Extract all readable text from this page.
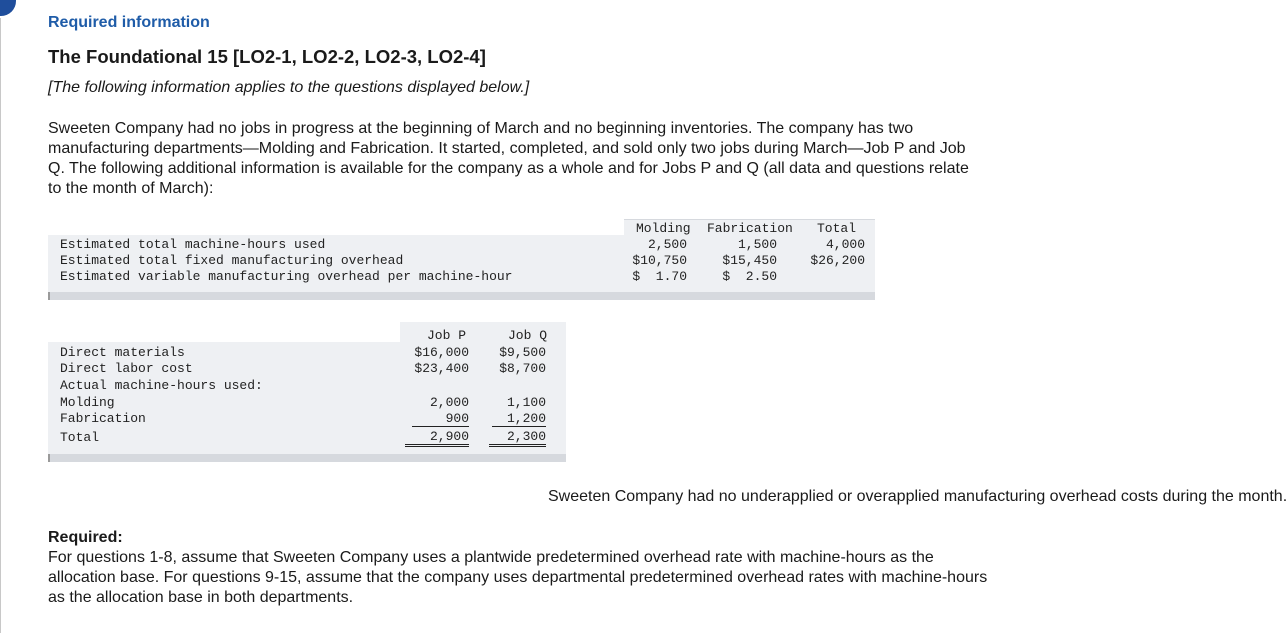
Required information
The Foundational 15 [LO2-1, LO2-2, LO2-3, LO2-4]
[The following information applies to the questions displayed below.]
Sweeten Company had no jobs in progress at the beginning of March and no beginning inventories. The company has two manufacturing departments—Molding and Fabrication. It started, completed, and sold only two jobs during March—Job P and Job Q. The following additional information is available for the company as a whole and for Jobs P and Q (all data and questions relate to the month of March):
Molding Fabrication Total
Estimated total machine-hours used	2,500	1,500	4,000
Estimated total fixed manufacturing overhead	$10,750	$15,450	$26,200
Estimated variable manufacturing overhead per machine-hour	$  1.70	$  2.50
Job P	Job Q
Direct materials	$16,000	$9,500
Direct labor cost	$23,400	$8,700
Actual machine-hours used:
Molding	2,000	1,100
Fabrication	900	1,200
Total	2,900	2,300
Sweeten Company had no underapplied or overapplied manufacturing overhead costs during the month.
Required:
For questions 1-8, assume that Sweeten Company uses a plantwide predetermined overhead rate with machine-hours as the allocation base. For questions 9-15, assume that the company uses departmental predetermined overhead rates with machine-hours as the allocation base in both departments.
